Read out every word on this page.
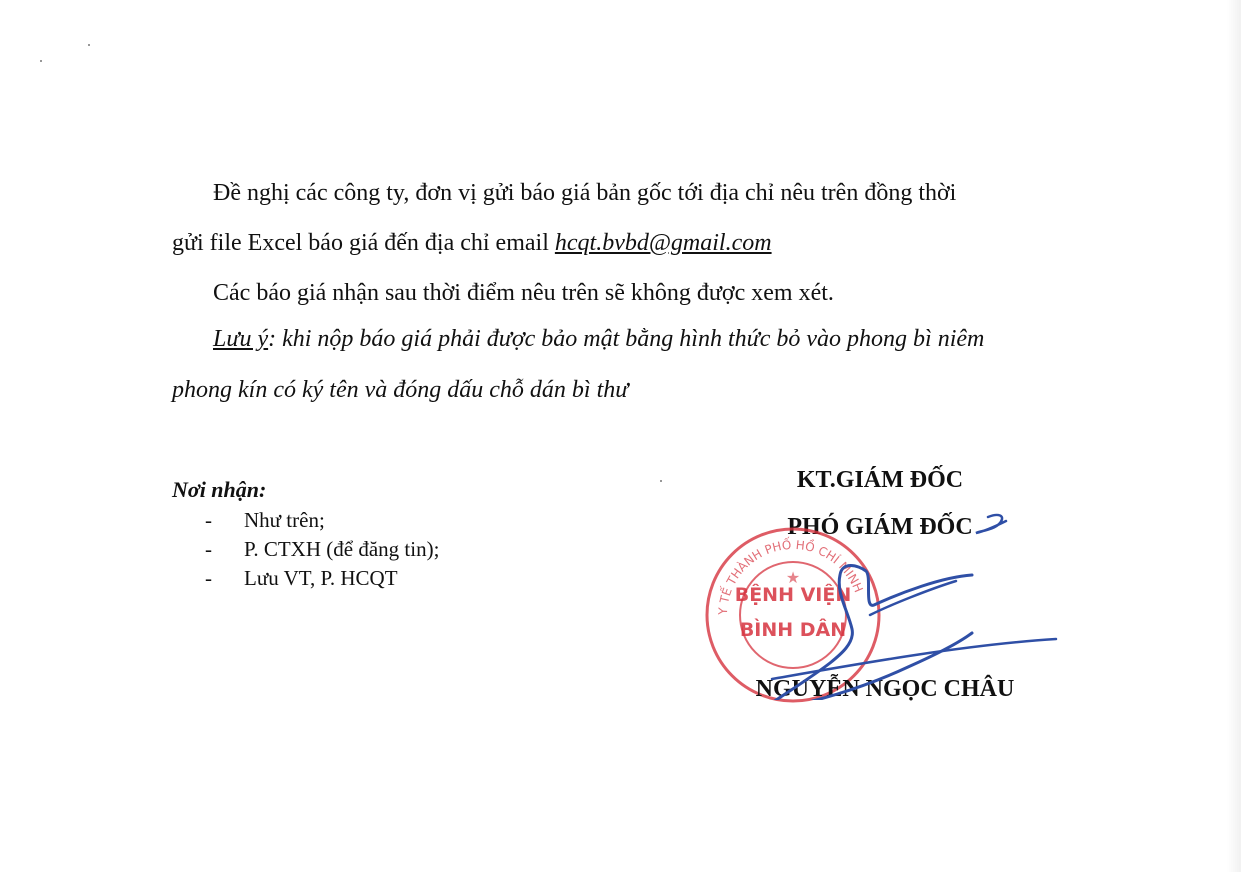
Đề nghị các công ty, đơn vị gửi báo giá bản gốc tới địa chỉ nêu trên đồng thời
gửi file Excel báo giá đến địa chỉ email hcqt.bvbd@gmail.com
Các báo giá nhận sau thời điểm nêu trên sẽ không được xem xét.
Lưu ý: khi nộp báo giá phải được bảo mật bằng hình thức bỏ vào phong bì niêm
phong kín có ký tên và đóng dấu chỗ dán bì thư
Nơi nhận:
-	Như trên;
-	P. CTXH (để đăng tin);
-	Lưu VT, P. HCQT
KT.GIÁM ĐỐC
PHÓ GIÁM ĐỐC
Y TẾ THÀNH PHỐ HỒ CHÍ MINH
BỆNH VIỆN
BÌNH DÂN
★
NGUYỄN NGỌC CHÂU
